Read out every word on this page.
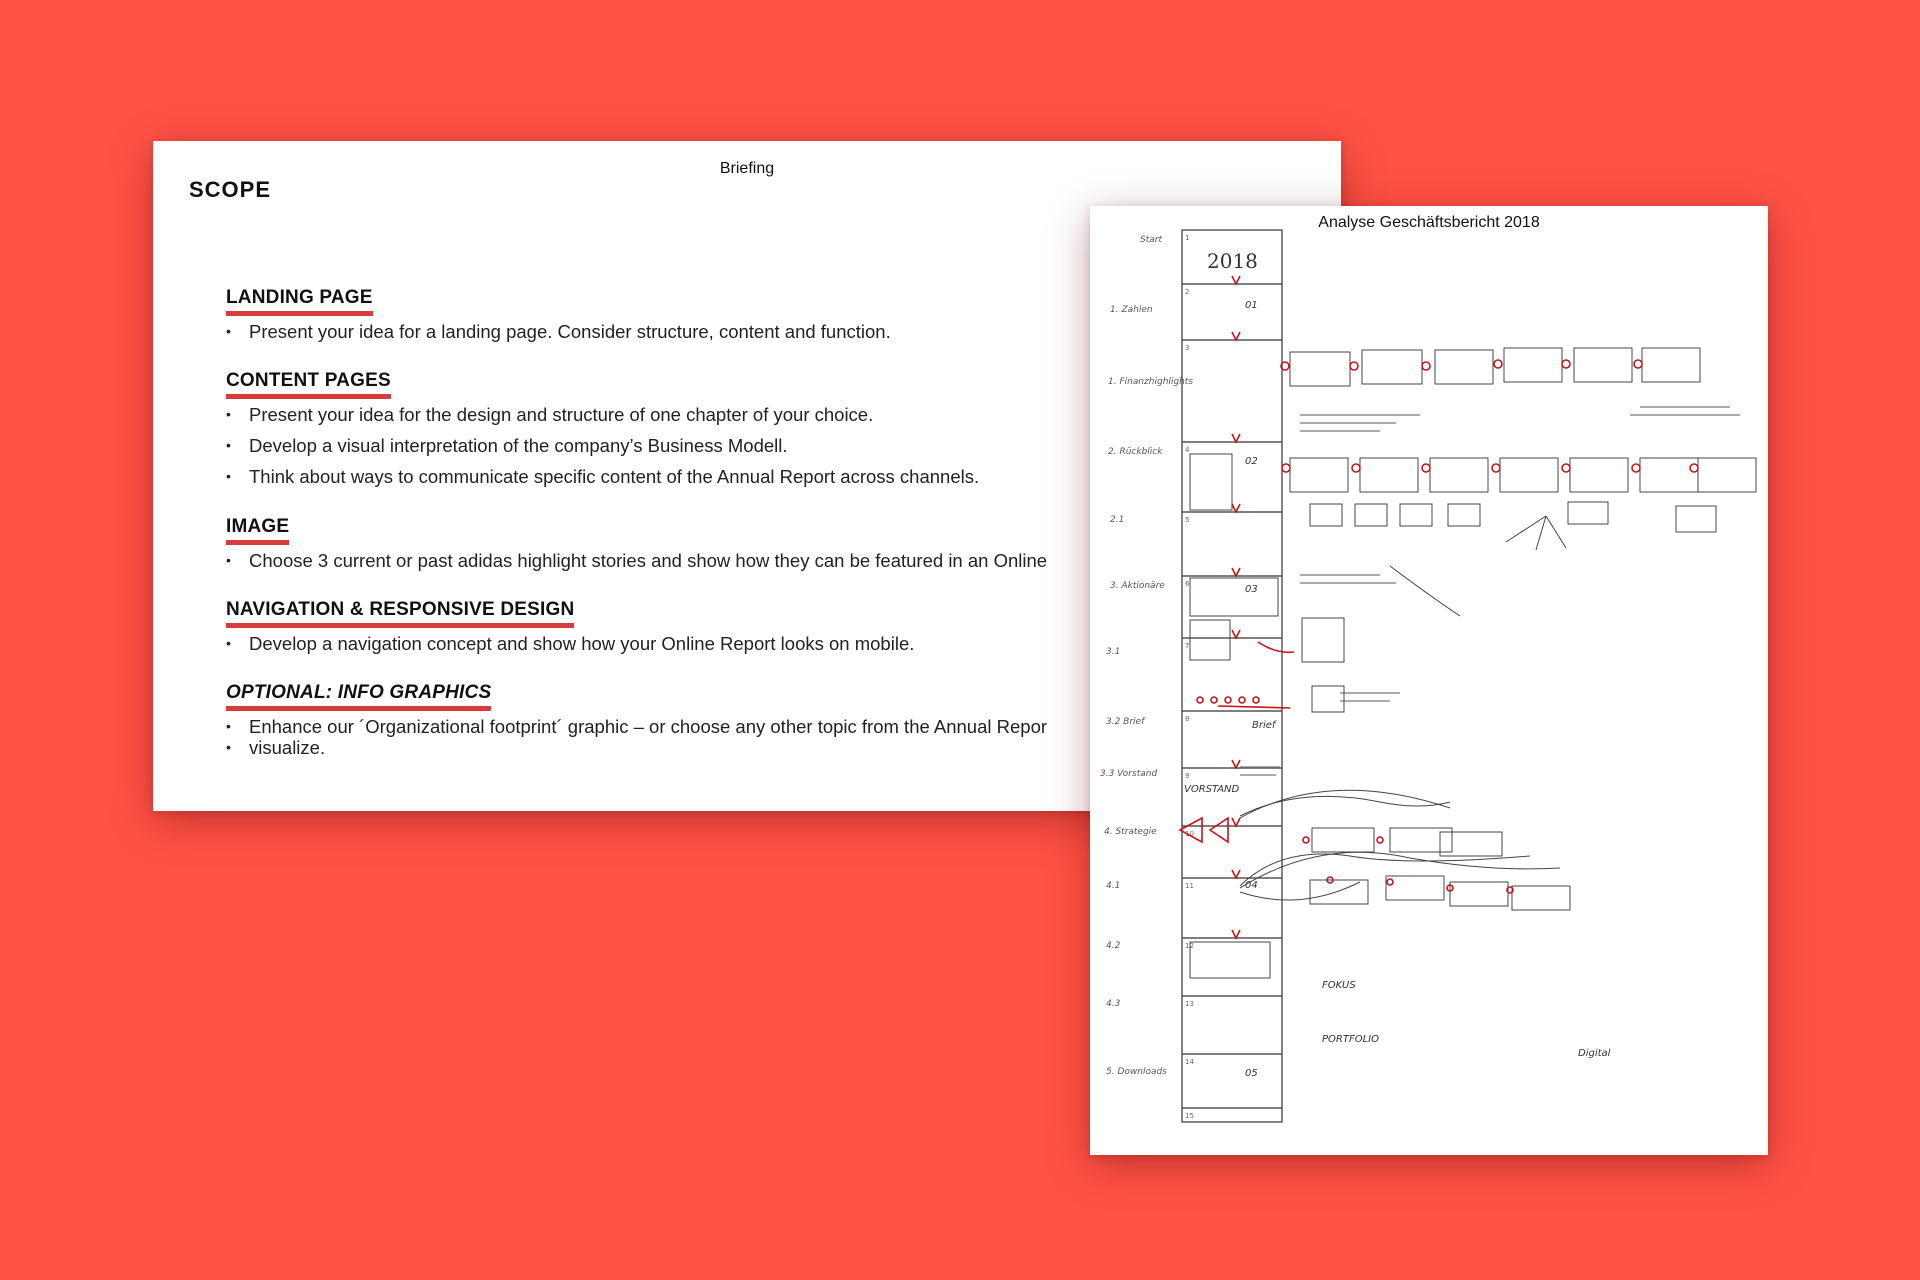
SCOPE
Briefing
LANDING PAGE
• Present your idea for a landing page. Consider structure, content and function.
CONTENT PAGES
• Present your idea for the design and structure of one chapter of your choice.
• Develop a visual interpretation of the company’s Business Modell.
• Think about ways to communicate specific content of the Annual Report across channels.
IMAGE
• Choose 3 current or past adidas highlight stories and show how they can be featured in an Online
NAVIGATION & RESPONSIVE DESIGN
• Develop a navigation concept and show how your Online Report looks on mobile.
OPTIONAL: INFO GRAPHICS
• Enhance our ´Organizational footprint´ graphic – or choose any other topic from the Annual Repor
• visualize.
Analyse Geschäftsbericht 2018
2018
Start
1. Zahlen
1. Finanzhighlights
2. Rückblick
2.1
3. Aktionäre
3.1
3.2 Brief
3.3 Vorstand
4. Strategie
4.1
4.2
4.3
5. Downloads
1
2
3
4
5
6
7
8
9
10
11
12
13
14
15
01
02
03
04
05
VORSTAND
Brief
PORTFOLIO
FOKUS
Digital
